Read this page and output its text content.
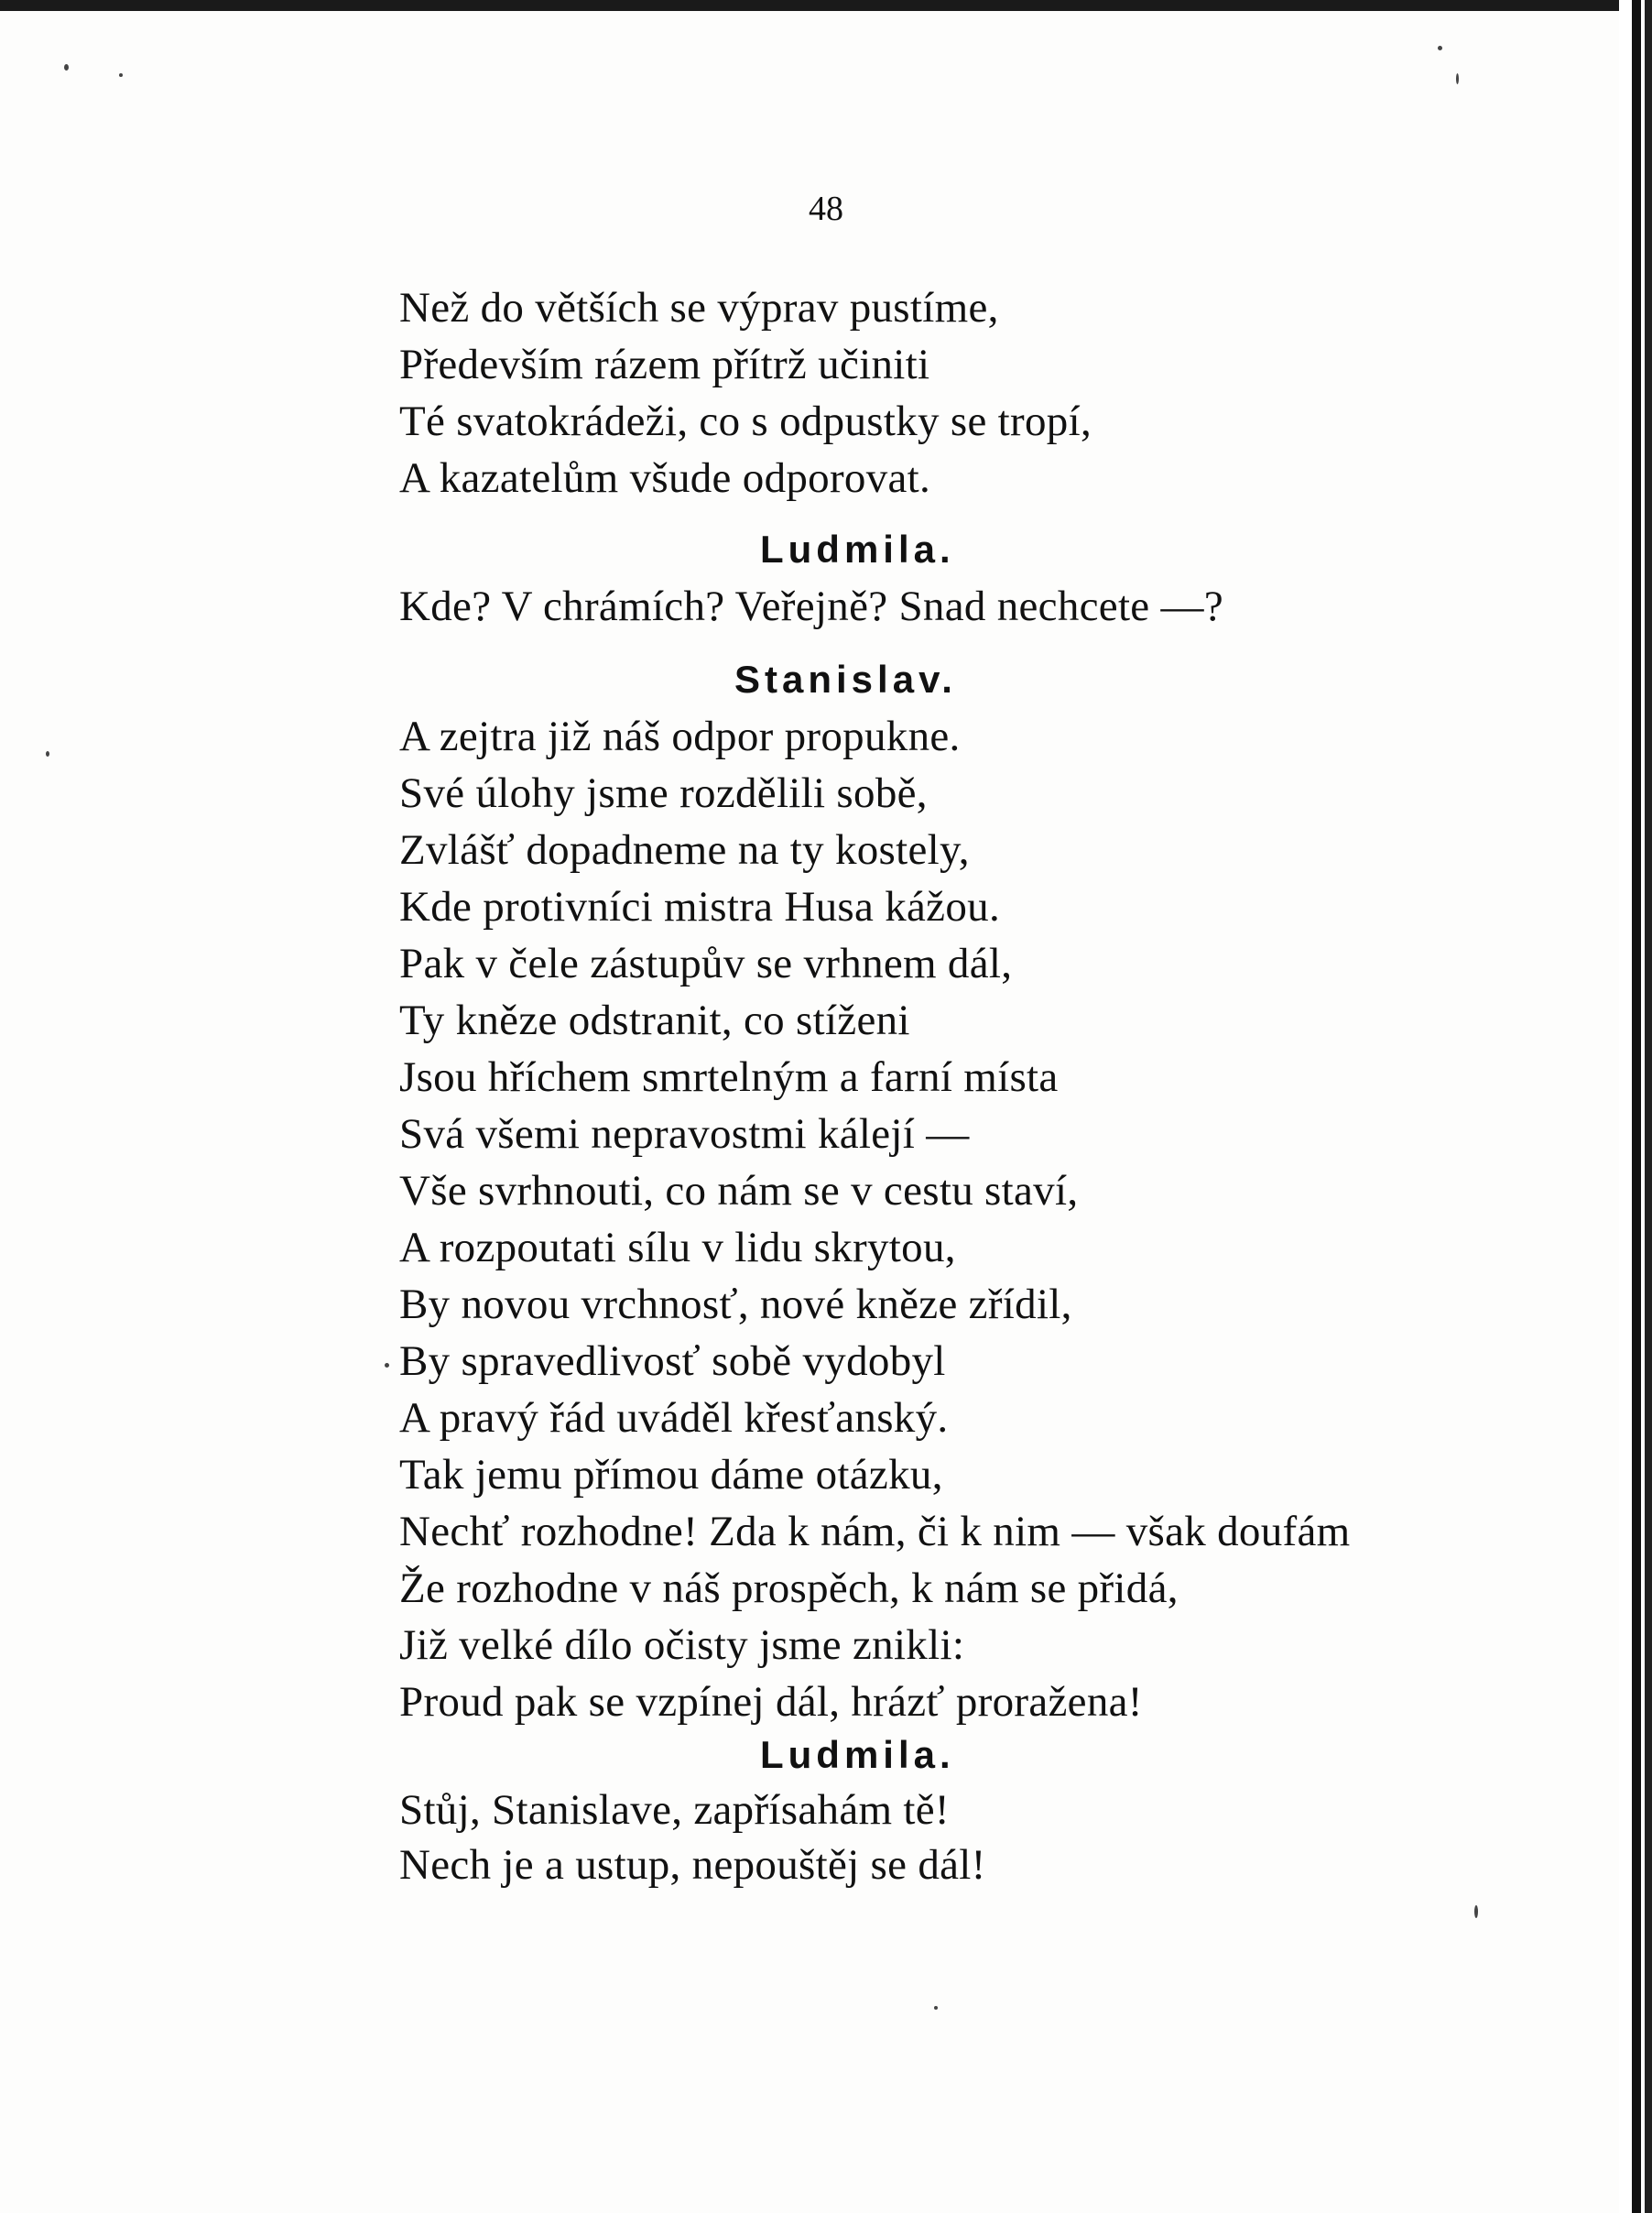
48
Než do větších se výprav pustíme,
Především rázem přítrž učiniti
Té svatokrádeži, co s odpustky se tropí,
A kazatelům všude odporovat.
Ludmila.
Kde? V chrámích? Veřejně? Snad nechcete —?
Stanislav.
A zejtra již náš odpor propukne.
Své úlohy jsme rozdělili sobě,
Zvlášť dopadneme na ty kostely,
Kde protivníci mistra Husa kážou.
Pak v čele zástupův se vrhnem dál,
Ty kněze odstranit, co stíženi
Jsou hříchem smrtelným a farní místa
Svá všemi nepravostmi kálejí —
Vše svrhnouti, co nám se v cestu staví,
A rozpoutati sílu v lidu skrytou,
By novou vrchnosť, nové kněze zřídil,
By spravedlivosť sobě vydobyl
A pravý řád uváděl křesťanský.
Tak jemu přímou dáme otázku,
Nechť rozhodne! Zda k nám, či k nim — však doufám
Že rozhodne v náš prospěch, k nám se přidá,
Již velké dílo očisty jsme znikli:
Proud pak se vzpínej dál, hrázť proražena!
Ludmila.
Stůj, Stanislave, zapřísahám tě!
Nech je a ustup, nepouštěj se dál!
